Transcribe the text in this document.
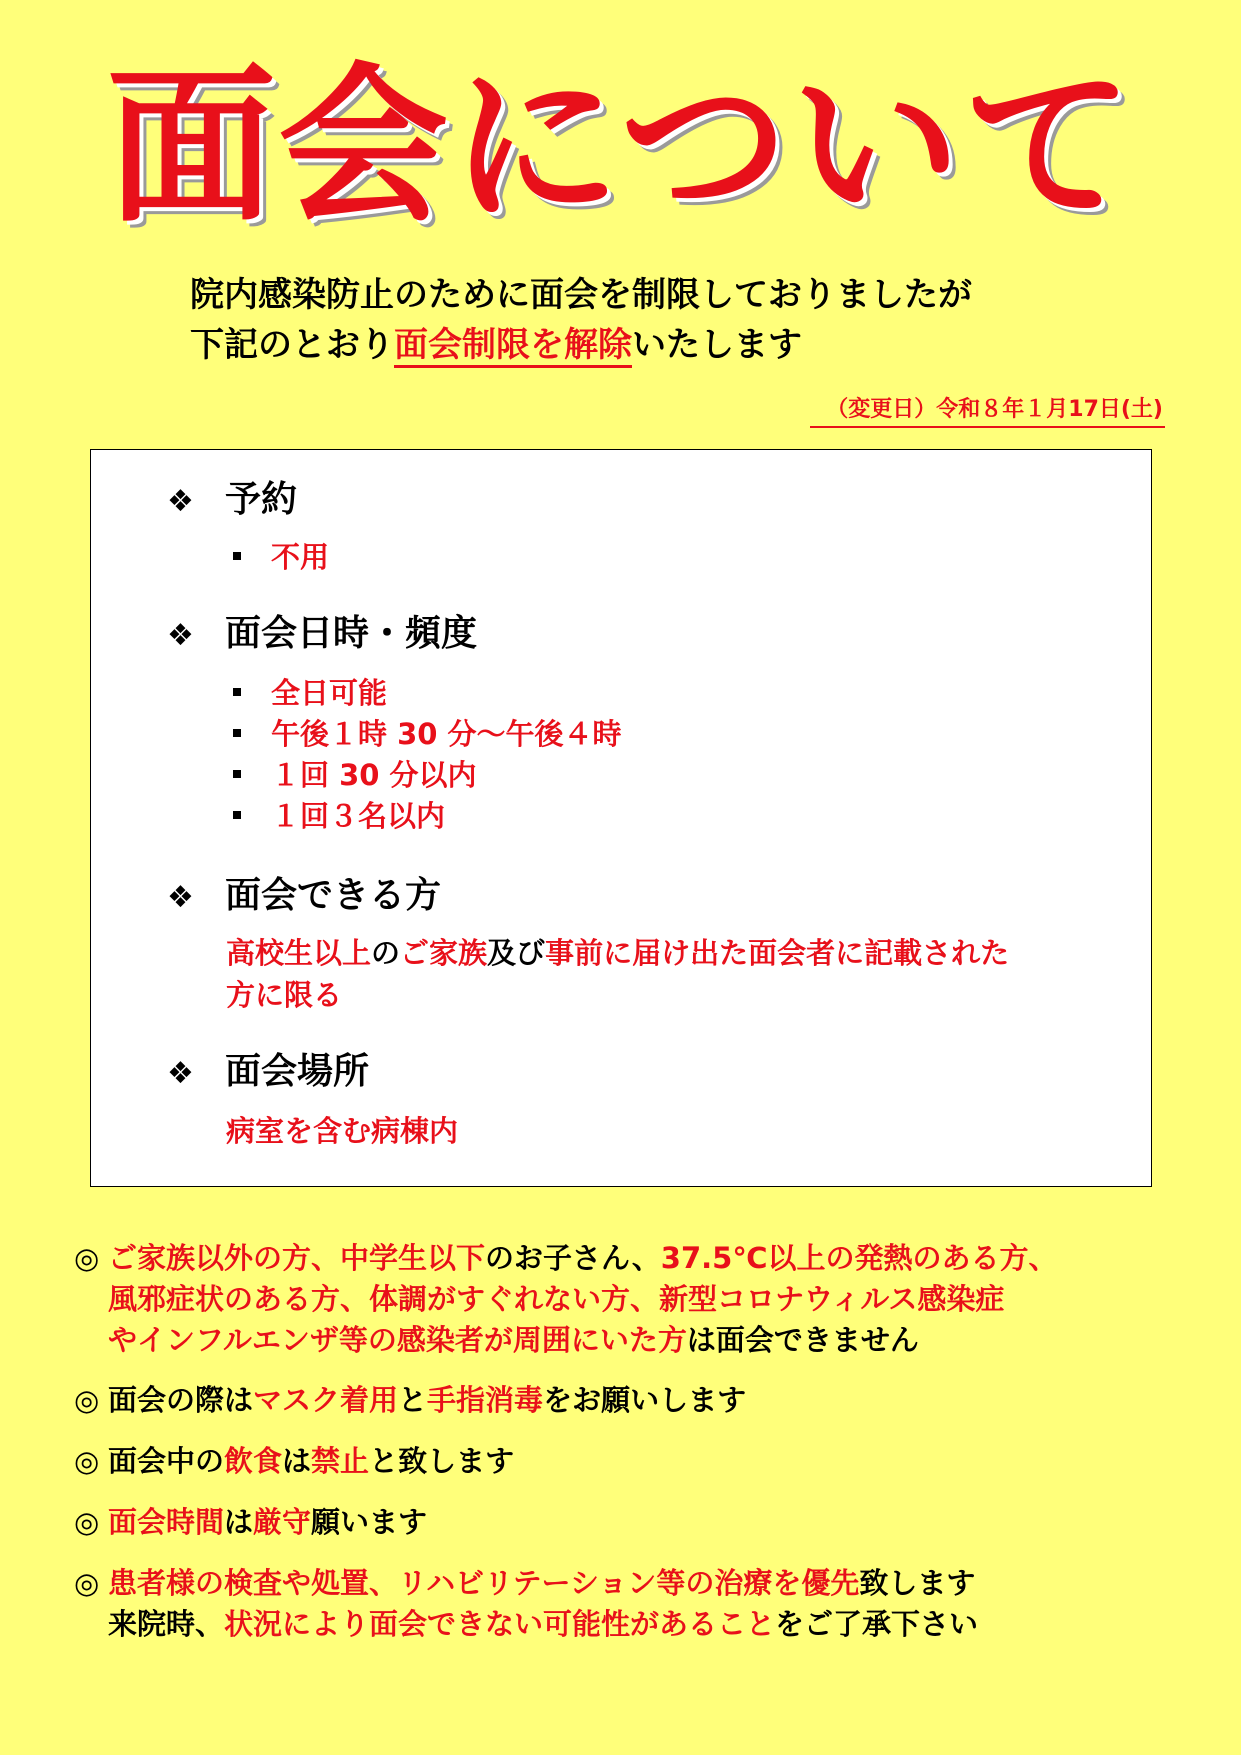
面会について
院内感染防止のために面会を制限しておりましたが
下記のとおり面会制限を解除いたします
（変更日）令和８年１月17日(土)
❖ 予約
不用
❖ 面会日時・頻度
全日可能
午後１時 30 分～午後４時
１回 30 分以内
１回３名以内
❖ 面会できる方
高校生以上のご家族及び事前に届け出た面会者に記載された
方に限る
❖ 面会場所
病室を含む病棟内
◎ ご家族以外の方、中学生以下のお子さん、37.5℃以上の発熱のある方、
風邪症状のある方、体調がすぐれない方、新型コロナウィルス感染症
やインフルエンザ等の感染者が周囲にいた方は面会できません
◎ 面会の際はマスク着用と手指消毒をお願いします
◎ 面会中の飲食は禁止と致します
◎ 面会時間は厳守願います
◎ 患者様の検査や処置、リハビリテーション等の治療を優先致します
来院時、状況により面会できない可能性があることをご了承下さい
